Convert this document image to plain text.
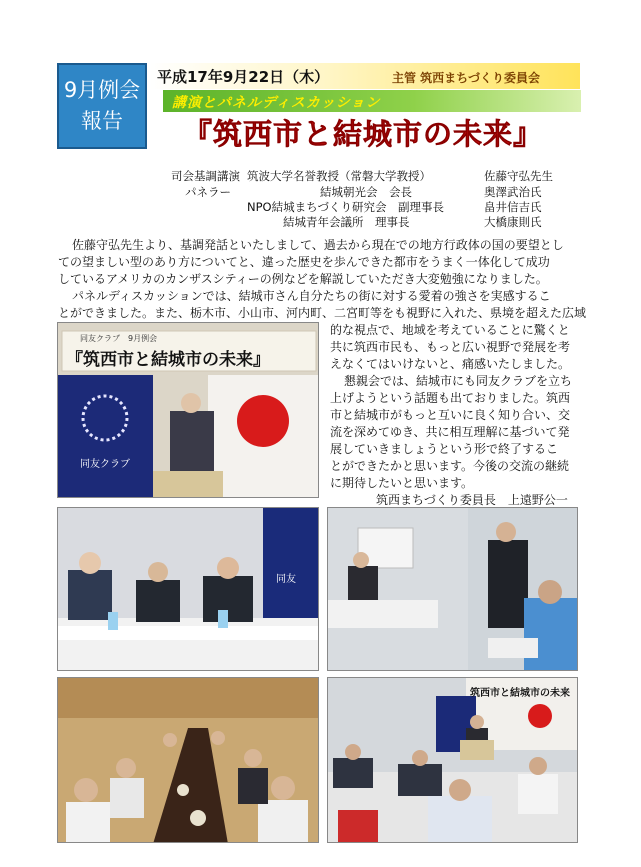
9月例会
報告
平成17年9月22日（木）	主管 筑西まちづくり委員会
講演とパネルディスカッション
『筑西市と結城市の未来』
司会基調講演 筑波大学名誉教授（常磐大学教授）	佐藤守弘先生
パネラー	結城朝光会　会長	奥澤武治氏
NPO結城まちづくり研究会　副理事長	畠井信吉氏
結城青年会議所　理事長	大橋康則氏
佐藤守弘先生より、基調発話といたしまして、過去から現在での地方行政体の国の要望とし
ての望ましい型のあり方についてと、違った歴史を歩んできた都市をうまく一体化して成功
しているアメリカのカンザスシティーの例などを解説していただき大変勉強になりました。
パネルディスカッションでは、結城市さん自分たちの街に対する愛着の強さを実感するこ
とができました。また、栃木市、小山市、河内町、二宮町等をも視野に入れた、県境を超えた広域
的な視点で、地域を考えていることに驚くと
共に筑西市民も、もっと広い視野で発展を考
えなくてはいけないと、痛感いたしました。
懇親会では、結城市にも同友クラブを立ち
上げようという話題も出ておりました。筑西
市と結城市がもっと互いに良く知り合い、交
流を深めてゆき、共に相互理解に基づいて発
展していきましょうという形で終了するこ
とができたかと思います。今後の交流の継続
に期待したいと思います。
筑西まちづくり委員長　上遠野公一
同友クラブ　9月例会
『筑西市と結城市の未来』
同友クラブ
同友
筑西市と結城市の未来
